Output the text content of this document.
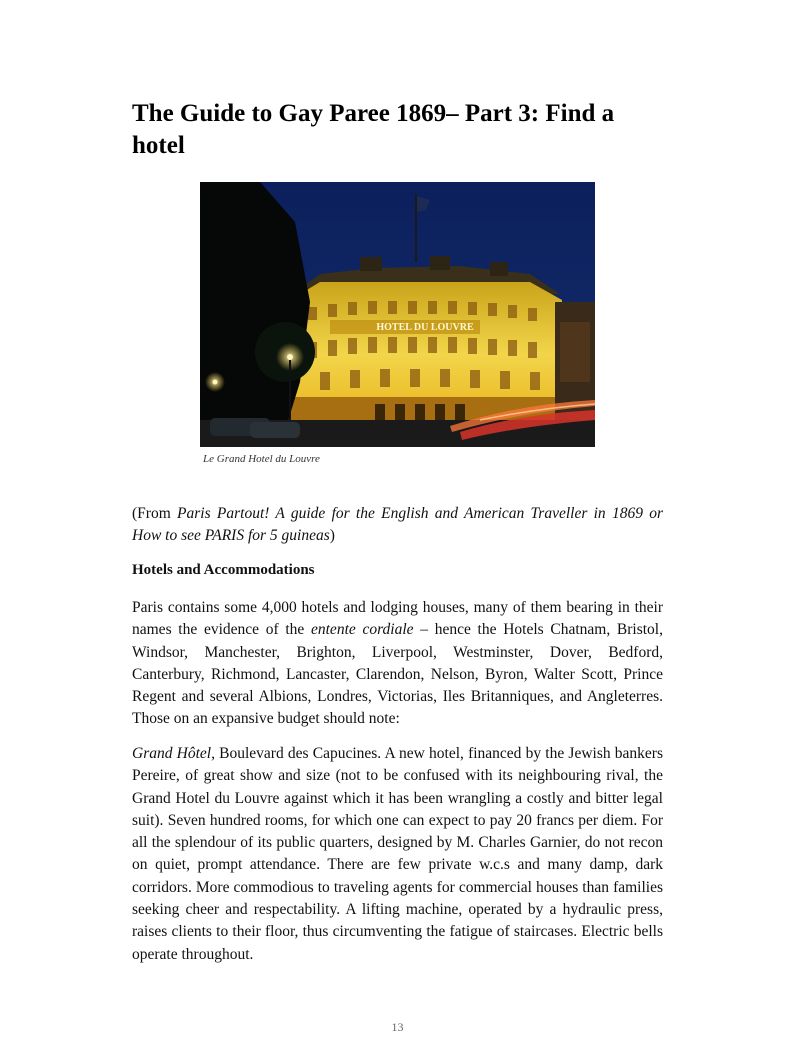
The Guide to Gay Paree 1869– Part 3: Find a hotel
HOTEL DU LOUVRE
Le Grand Hotel du Louvre

(From Paris Partout! A guide for the English and American Traveller in 1869 or How to see PARIS for 5 guineas)

Hotels and Accommodations

Paris contains some 4,000 hotels and lodging houses, many of them bearing in their names the evidence of the entente cordiale – hence the Hotels Chatnam, Bristol, Windsor, Manchester, Brighton, Liverpool, Westminster, Dover, Bedford, Canterbury, Richmond, Lancaster, Clarendon, Nelson, Byron, Walter Scott, Prince Regent and several Albions, Londres, Victorias, Iles Britanniques, and Angleterres. Those on an expansive budget should note:

Grand Hôtel, Boulevard des Capucines. A new hotel, financed by the Jewish bankers Pereire, of great show and size (not to be confused with its neighbouring rival, the Grand Hotel du Louvre against which it has been wrangling a costly and bitter legal suit). Seven hundred rooms, for which one can expect to pay 20 francs per diem. For all the splendour of its public quarters, designed by M. Charles Garnier, do not recon on quiet, prompt attendance. There are few private w.c.s and many damp, dark corridors. More commodious to traveling agents for commercial houses than families seeking cheer and respectability. A lifting machine, operated by a hydraulic press, raises clients to their floor, thus circumventing the fatigue of staircases. Electric bells operate throughout.

13
